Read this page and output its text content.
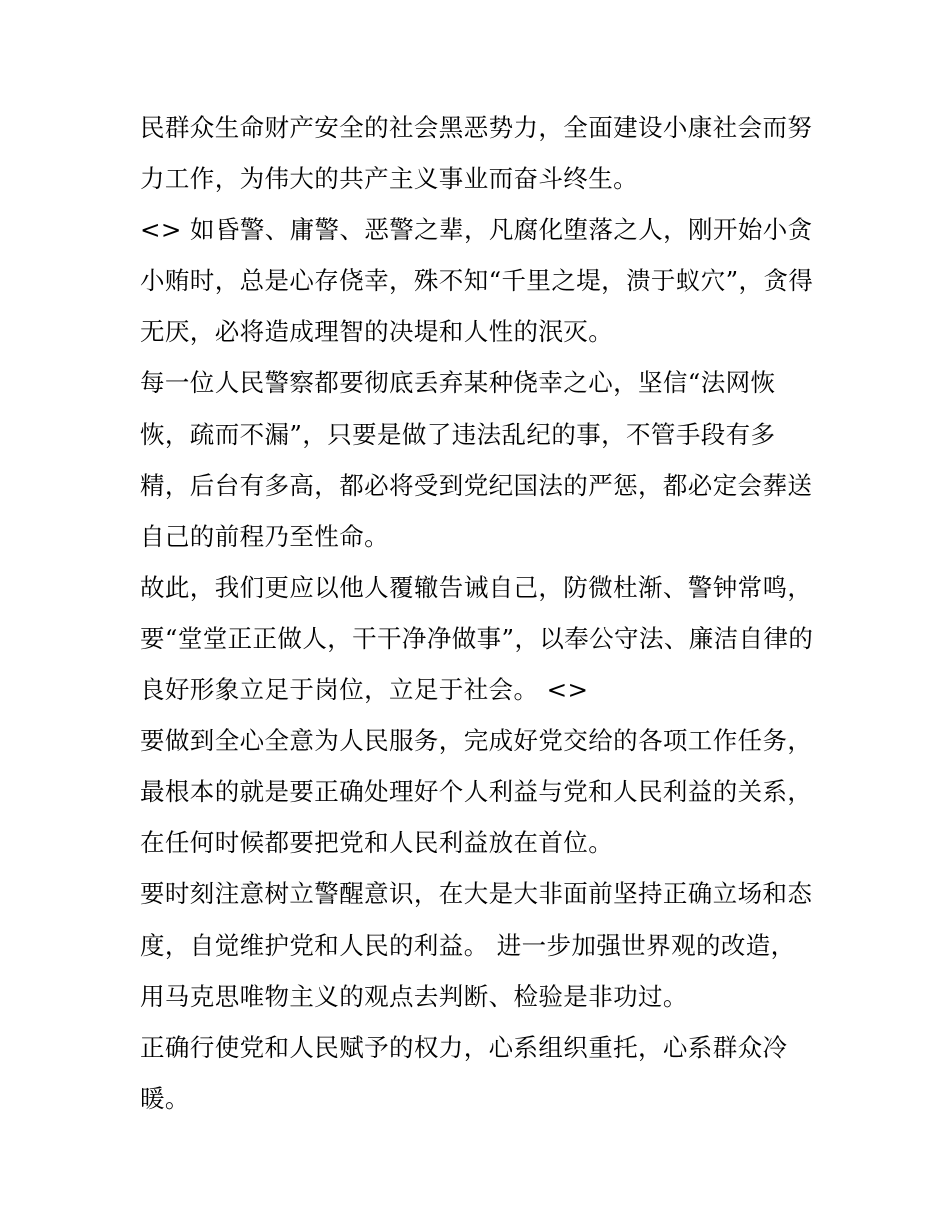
民群众生命财产安全的社会黑恶势力，全面建设小康社会而努
力工作，为伟大的共产主义事业而奋斗终生。
<> 如昏警、庸警、恶警之辈，凡腐化堕落之人，刚开始小贪
小贿时，总是心存侥幸，殊不知“千里之堤，溃于蚁穴”，贪得
无厌，必将造成理智的决堤和人性的泯灭。
每一位人民警察都要彻底丢弃某种侥幸之心，坚信“法网恢
恢，疏而不漏”，只要是做了违法乱纪的事，不管手段有多
精，后台有多高，都必将受到党纪国法的严惩，都必定会葬送
自己的前程乃至性命。
故此，我们更应以他人覆辙告诫自己，防微杜渐、警钟常鸣，
要“堂堂正正做人，干干净净做事”，以奉公守法、廉洁自律的
良好形象立足于岗位，立足于社会。 <>
要做到全心全意为人民服务，完成好党交给的各项工作任务，
最根本的就是要正确处理好个人利益与党和人民利益的关系，
在任何时候都要把党和人民利益放在首位。
要时刻注意树立警醒意识，在大是大非面前坚持正确立场和态
度，自觉维护党和人民的利益。 进一步加强世界观的改造，
用马克思唯物主义的观点去判断、检验是非功过。
正确行使党和人民赋予的权力，心系组织重托，心系群众冷
暖。
